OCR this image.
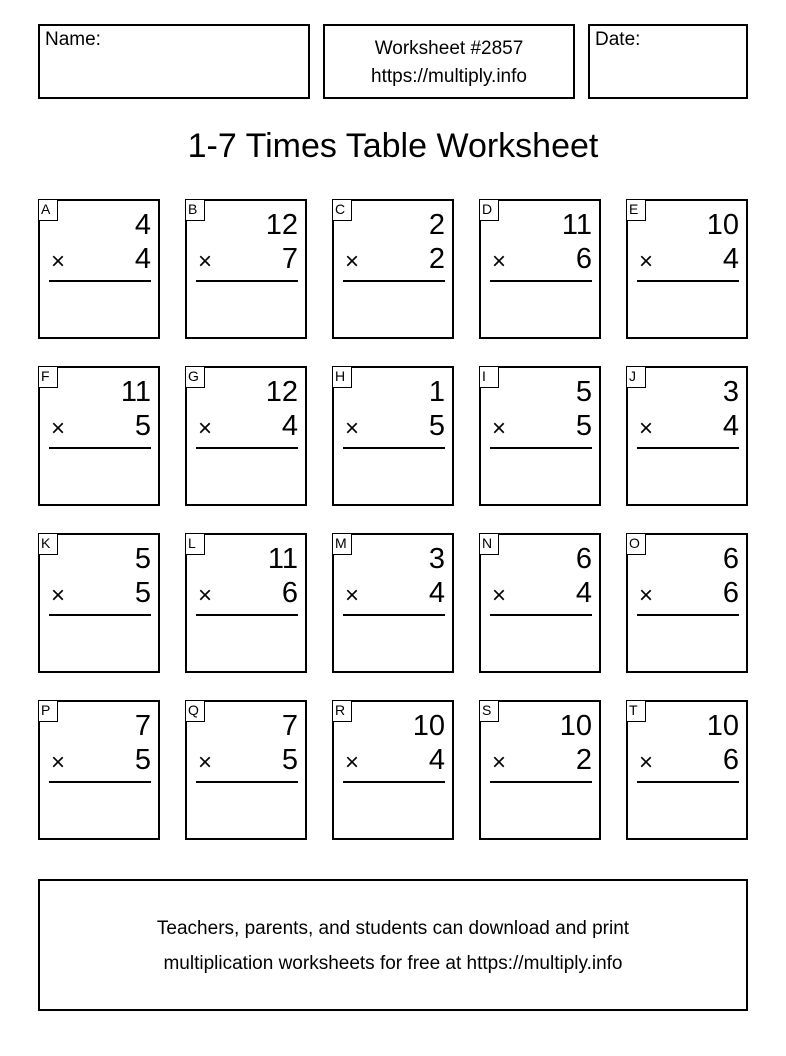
Name:	Worksheet #2857
https://multiply.info
Date:
1-7 Times Table Worksheet
A	4
× 4
B 12
× 7
C	2
× 2
D 11
× 6
E 10
× 4
F 11
× 5
G 12
× 4
H	1
× 5
I	5
× 5
J	3
× 4
K	5
× 5
L	11
× 6
M	3
× 4
N	6
× 4
O	6
× 6
P	7
× 5
Q	7
× 5
R 10
× 4
S 10
× 2
T 10
× 6
Teachers, parents, and students can download and print
multiplication worksheets for free at https://multiply.info
